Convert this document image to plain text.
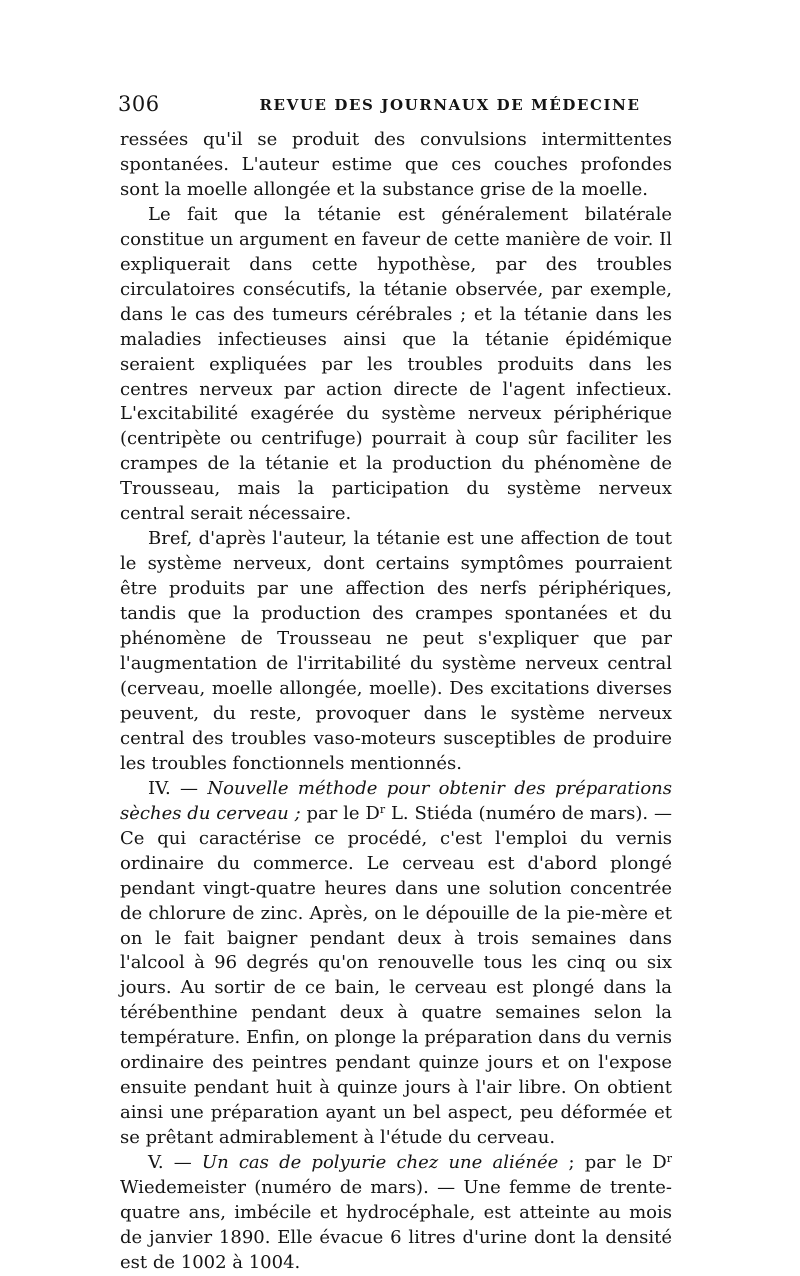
306	REVUE DES JOURNAUX DE MÉDECINE

ressées qu'il se produit des convulsions intermittentes spontanées. L'auteur estime que ces couches profondes sont la moelle allongée et la substance grise de la moelle.

Le fait que la tétanie est généralement bilatérale constitue un argument en faveur de cette manière de voir. Il expliquerait dans cette hypothèse, par des troubles circulatoires consécutifs, la tétanie observée, par exemple, dans le cas des tumeurs cérébrales ; et la tétanie dans les maladies infectieuses ainsi que la tétanie épidémique seraient expliquées par les troubles produits dans les centres nerveux par action directe de l'agent infectieux. L'excitabilité exagérée du système nerveux périphérique (centripète ou centrifuge) pourrait à coup sûr faciliter les crampes de la tétanie et la production du phénomène de Trousseau, mais la participation du système nerveux central serait nécessaire.

Bref, d'après l'auteur, la tétanie est une affection de tout le système nerveux, dont certains symptômes pourraient être produits par une affection des nerfs périphériques, tandis que la production des crampes spontanées et du phénomène de Trousseau ne peut s'expliquer que par l'augmentation de l'irritabilité du système nerveux central (cerveau, moelle allongée, moelle). Des excitations diverses peuvent, du reste, provoquer dans le système nerveux central des troubles vaso-moteurs susceptibles de produire les troubles fonctionnels mentionnés.

IV. — Nouvelle méthode pour obtenir des préparations sèches du cerveau ; par le $D^r$ L. Stiéda (numéro de mars). — Ce qui caractérise ce procédé, c'est l'emploi du vernis ordinaire du commerce. Le cerveau est d'abord plongé pendant vingt-quatre heures dans une solution concentrée de chlorure de zinc. Après, on le dépouille de la pie-mère et on le fait baigner pendant deux à trois semaines dans l'alcool à 96 degrés qu'on renouvelle tous les cinq ou six jours. Au sortir de ce bain, le cerveau est plongé dans la térébenthine pendant deux à quatre semaines selon la température. Enfin, on plonge la préparation dans du vernis ordinaire des peintres pendant quinze jours et on l'expose ensuite pendant huit à quinze jours à l'air libre. On obtient ainsi une préparation ayant un bel aspect, peu déformée et se prêtant admirablement à l'étude du cerveau.

V. — Un cas de polyurie chez une aliénée ; par le $D^r$ Wiedemeister (numéro de mars). — Une femme de trente-quatre ans, imbécile et hydrocéphale, est atteinte au mois de janvier 1890. Elle évacue 6 litres d'urine dont la densité est de 1002 à 1004.
